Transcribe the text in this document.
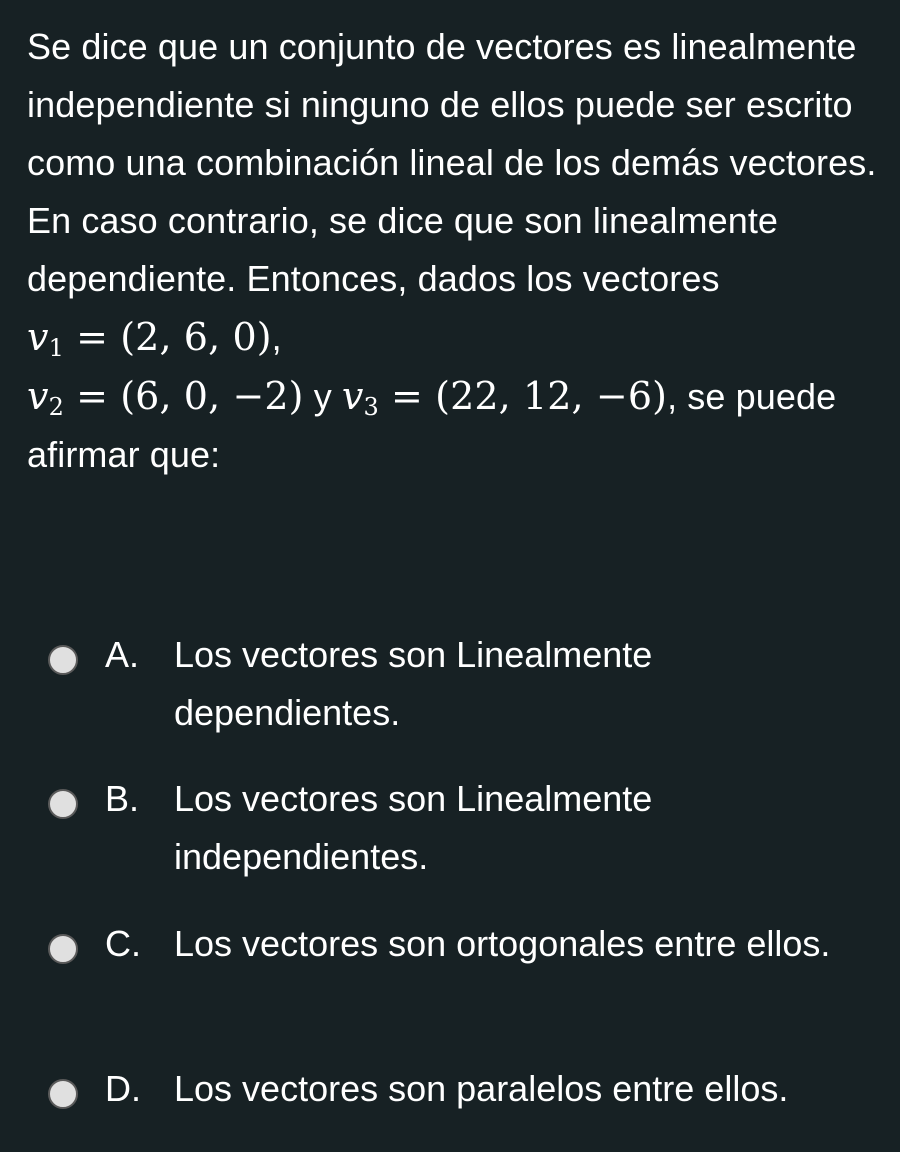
Se dice que un conjunto de vectores es linealmente independiente si ninguno de ellos puede ser escrito como una combinación lineal de los demás vectores. En caso contrario, se dice que son linealmente dependiente. Entonces, dados los vectores $v_1 = (2$, 6, 0),
$v_2 = (6$, 0, −2) y $v_3 = (22$, 12, −6), se puede afirmar que:
A. Los vectores son Linealmente dependientes.
B. Los vectores son Linealmente independientes.
C. Los vectores son ortogonales entre ellos.
D. Los vectores son paralelos entre ellos.
